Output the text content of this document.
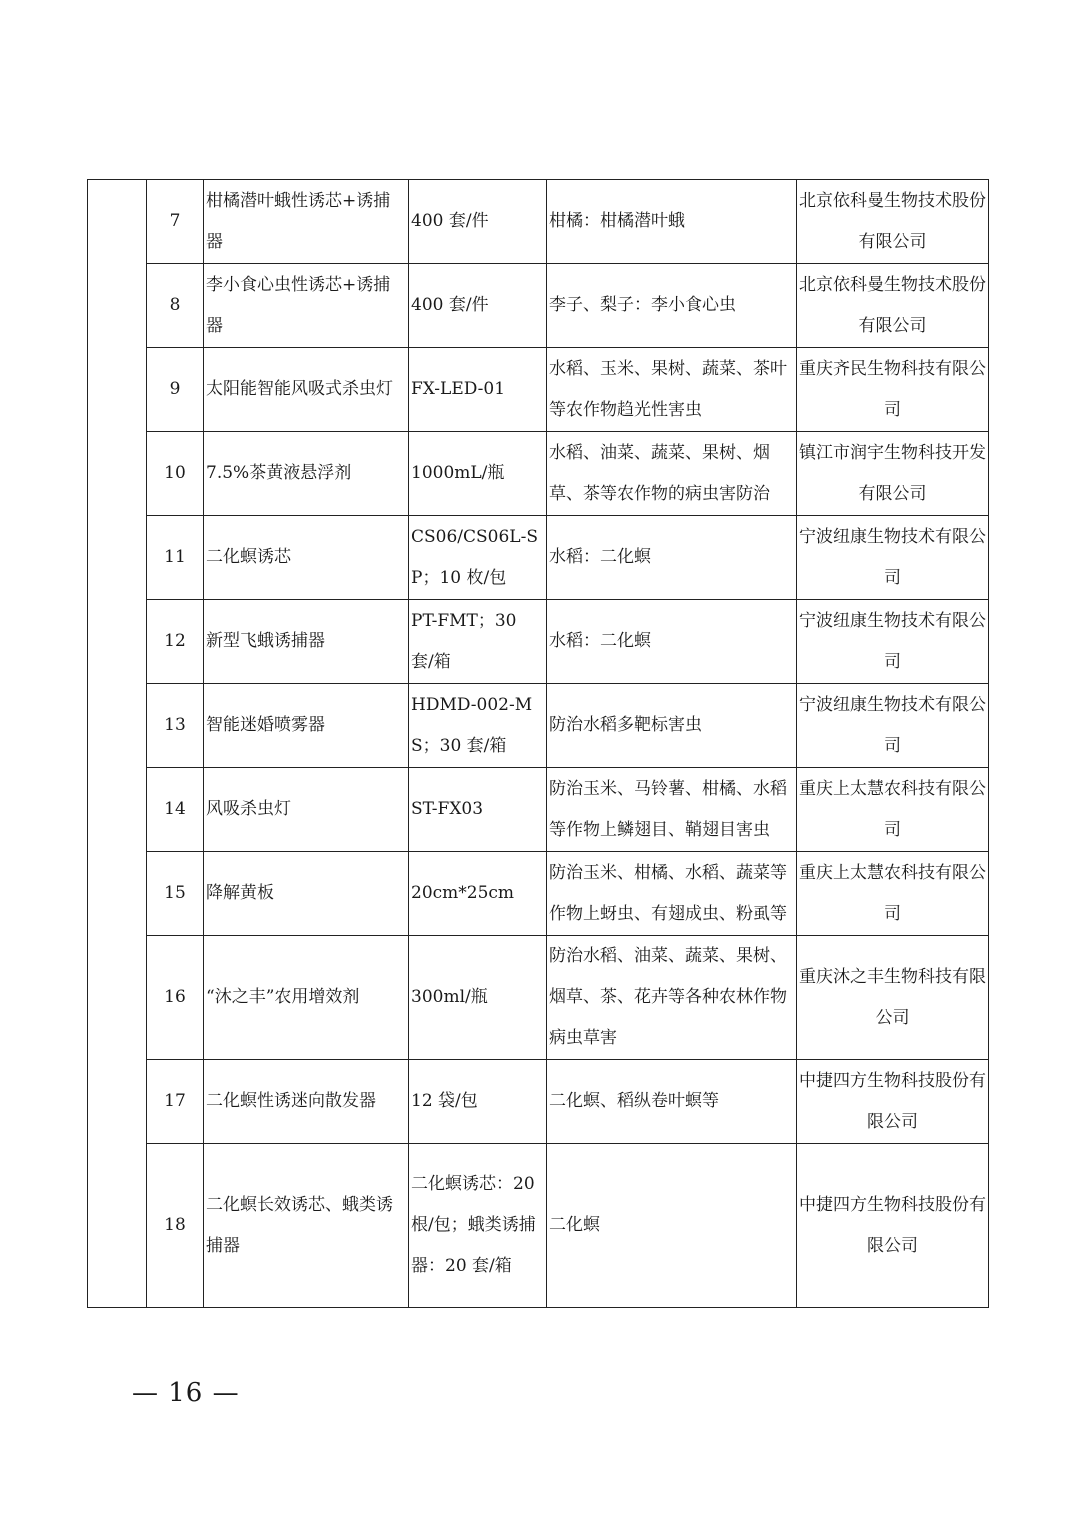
	7	柑橘潜叶蛾性诱芯+诱捕器	400 套/件	柑橘：柑橘潜叶蛾	北京依科曼生物技术股份有限公司
	8	李小食心虫性诱芯+诱捕器	400 套/件	李子、梨子：李小食心虫	北京依科曼生物技术股份有限公司
	9	太阳能智能风吸式杀虫灯	FX-LED-01	水稻、玉米、果树、蔬菜、茶叶等农作物趋光性害虫	重庆齐民生物科技有限公司
	10	7.5%茶黄液悬浮剂	1000mL/瓶	水稻、油菜、蔬菜、果树、烟草、茶等农作物的病虫害防治	镇江市润宇生物科技开发有限公司
	11	二化螟诱芯	CS06/CS06L-SP；10 枚/包	水稻：二化螟	宁波纽康生物技术有限公司
	12	新型飞蛾诱捕器	PT-FMT；30 套/箱	水稻：二化螟	宁波纽康生物技术有限公司
	13	智能迷婚喷雾器	HDMD-002-MS；30 套/箱	防治水稻多靶标害虫	宁波纽康生物技术有限公司
	14	风吸杀虫灯	ST-FX03	防治玉米、马铃薯、柑橘、水稻等作物上鳞翅目、鞘翅目害虫	重庆上太慧农科技有限公司
	15	降解黄板	20cm*25cm	防治玉米、柑橘、水稻、蔬菜等作物上蚜虫、有翅成虫、粉虱等	重庆上太慧农科技有限公司
	16	“沐之丰”农用增效剂	300ml/瓶	防治水稻、油菜、蔬菜、果树、烟草、茶、花卉等各种农林作物病虫草害	重庆沐之丰生物科技有限公司
	17	二化螟性诱迷向散发器	12 袋/包	二化螟、稻纵卷叶螟等	中捷四方生物科技股份有限公司
	18	二化螟长效诱芯、蛾类诱捕器	二化螟诱芯：20 根/包；蛾类诱捕器：20 套/箱	二化螟	中捷四方生物科技股份有限公司
— 16 —
